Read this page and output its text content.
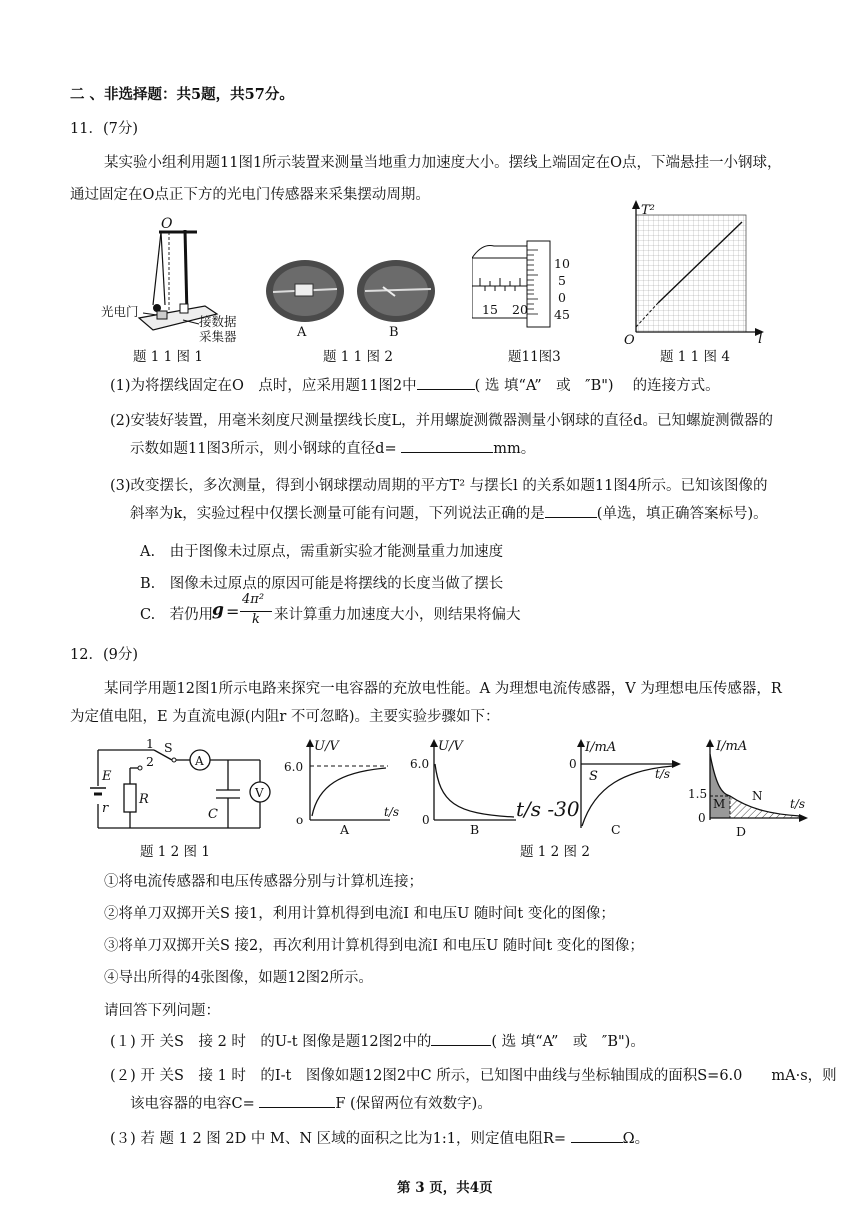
二 、非选择题：共5题，共57分。
11．(7分)
某实验小组利用题11图1所示装置来测量当地重力加速度大小。摆线上端固定在O点，下端悬挂一小钢球，
通过固定在O点正下方的光电门传感器来采集摆动周期。
O
光电门
接数据
采集器
题 1 1 图 1
A	B
题 1 1 图 2
15 20
10
5
0
45
题11图3
T²
l
O
题 1 1 图 4
(1)为将摆线固定在O　点时，应采用题11图2中	( 选 填“A”　或　″B")　 的连接方式。
(2)安装好装置，用毫米刻度尺测量摆线长度L，并用螺旋测微器测量小钢球的直径d。已知螺旋测微器的
示数如题11图3所示，则小钢球的直径d=	mm。
(3)改变摆长，多次测量，得到小钢球摆动周期的平方T² 与摆长l 的关系如题11图4所示。已知该图像的
斜率为k，实验过程中仅摆长测量可能有问题，下列说法正确的是	(单选，填正确答案标号)。
A.　由于图像未过原点，需重新实验才能测量重力加速度
B.　图像未过原点的原因可能是将摆线的长度当做了摆长
C.　若仍用
g =
4π²
k 来计算重力加速度大小，则结果将偏大
12．(9分)
某同学用题12图1所示电路来探究一电容器的充放电性能。A 为理想电流传感器，V 为理想电压传感器，R
为定值电阻，E 为直流电源(内阻r 不可忽略)。主要实验步骤如下：
1
2
S
A
V
E
r
R
C
题 1 2 图 1
U/V
6.0
o
t/s
A
U/V
6.0
0
B
I/mA
0
S	t/s
t/s -30
C
I/mA
1.5
0
M
N
t/s
D
题 1 2 图 2
①将电流传感器和电压传感器分别与计算机连接；
②将单刀双掷开关S 接1，利用计算机得到电流I 和电压U 随时间t 变化的图像；
③将单刀双掷开关S 接2，再次利用计算机得到电流I 和电压U 随时间t 变化的图像；
④导出所得的4张图像，如题12图2所示。
请回答下列问题：
(１) 开 关S　接 2 时　的U-t 图像是题12图2中的	( 选 填“A”　或　″B")。
(２) 开 关S　接 1 时　的I-t　图像如题12图2中C 所示，已知图中曲线与坐标轴围成的面积S=6.0　　mA·s，则
该电容器的电容C=	F (保留两位有效数字)。
(３) 若 题 1 2 图 2D 中 M、N 区域的面积之比为1:1，则定值电阻R=	Ω。
第 3 页，共4页
